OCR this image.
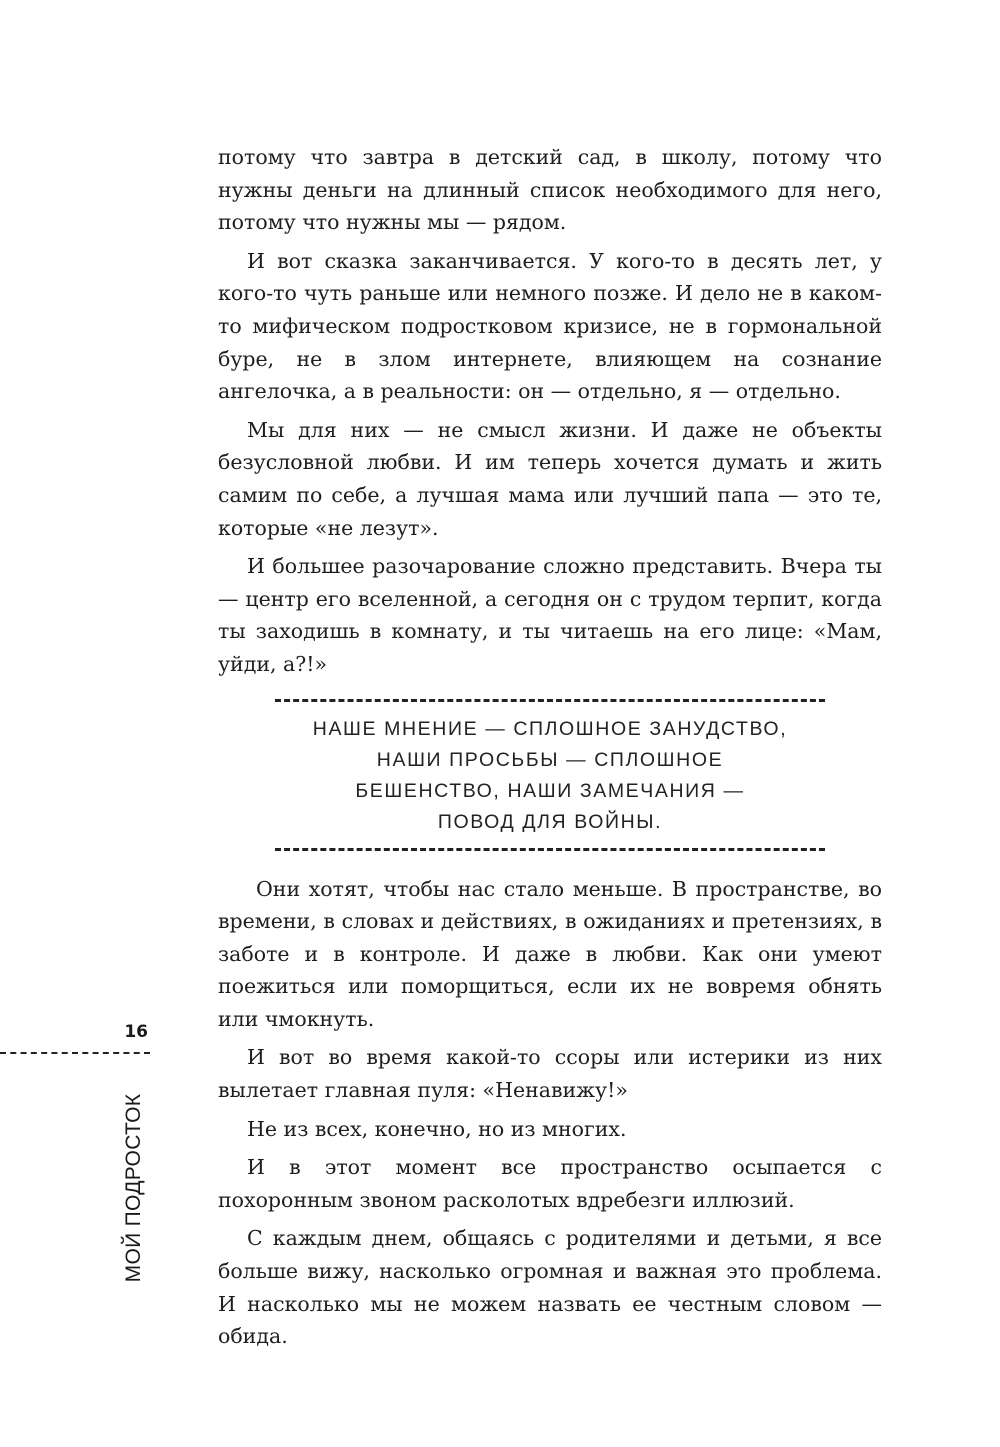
потому что завтра в детский сад, в школу, потому что нужны деньги на длинный список необходимого для него, потому что нужны мы — рядом.

И вот сказка заканчивается. У кого-то в десять лет, у кого-то чуть раньше или немного позже. И дело не в каком-то мифическом подростковом кризисе, не в гормональной буре, не в злом интернете, влияющем на сознание ангелочка, а в реальности: он — отдельно, я — отдельно.

Мы для них — не смысл жизни. И даже не объекты безусловной любви. И им теперь хочется думать и жить самим по себе, а лучшая мама или лучший папа — это те, которые «не лезут».

И большее разочарование сложно представить. Вчера ты — центр его вселенной, а сегодня он с трудом терпит, когда ты заходишь в комнату, и ты читаешь на его лице: «Мам, уйди, а?!»

НАШЕ МНЕНИЕ — СПЛОШНОЕ ЗАНУДСТВО,
НАШИ ПРОСЬБЫ — СПЛОШНОЕ
БЕШЕНСТВО, НАШИ ЗАМЕЧАНИЯ —
ПОВОД ДЛЯ ВОЙНЫ.

Они хотят, чтобы нас стало меньше. В пространстве, во времени, в словах и действиях, в ожиданиях и претензиях, в заботе и в контроле. И даже в любви. Как они умеют поежиться или поморщиться, если их не вовремя обнять или чмокнуть.

И вот во время какой-то ссоры или истерики из них вылетает главная пуля: «Ненавижу!»

Не из всех, конечно, но из многих.

И в этот момент все пространство осыпается с похоронным звоном расколотых вдребезги иллюзий.

С каждым днем, общаясь с родителями и детьми, я все больше вижу, насколько огромная и важная это проблема. И насколько мы не можем назвать ее честным словом — обида.

16
МОЙ ПОДРОСТОК
